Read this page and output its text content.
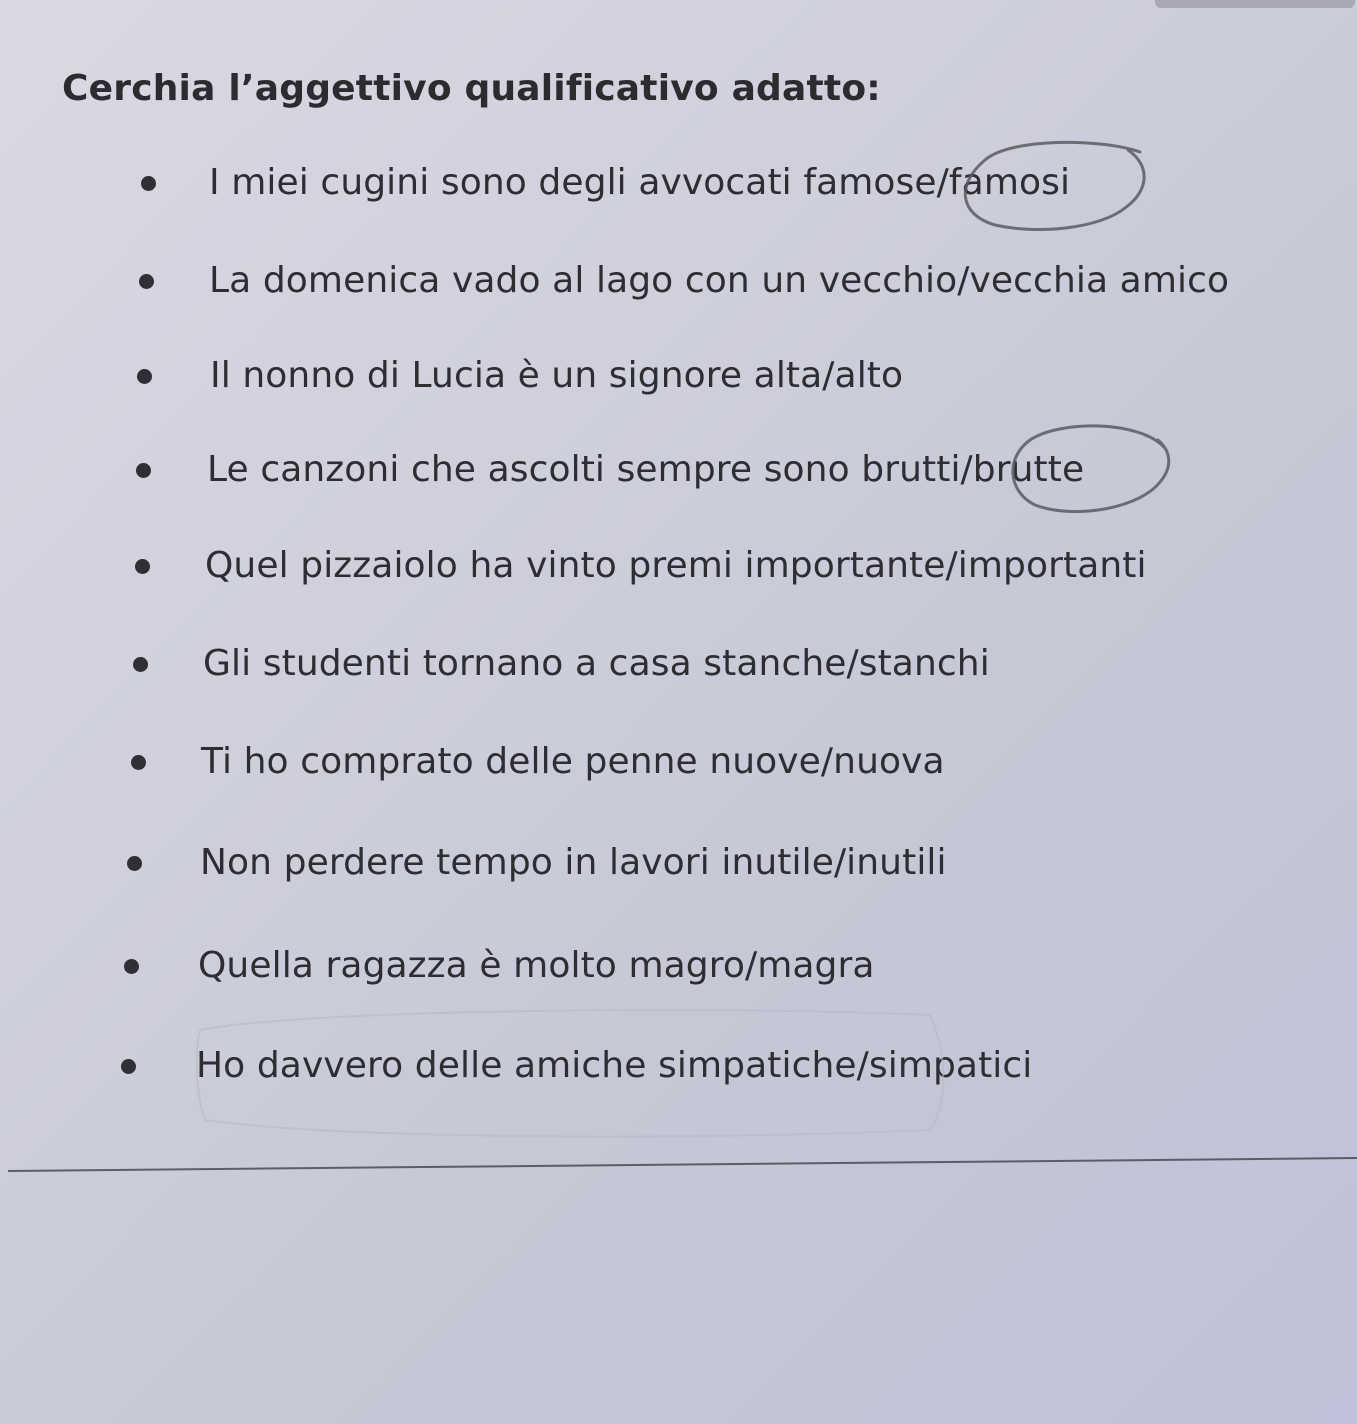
Cerchia l’aggettivo qualificativo adatto:
I miei cugini sono degli avvocati famose/famosi
La domenica vado al lago con un vecchio/vecchia amico
Il nonno di Lucia è un signore alta/alto
Le canzoni che ascolti sempre sono brutti/brutte
Quel pizzaiolo ha vinto premi importante/importanti
Gli studenti tornano a casa stanche/stanchi
Ti ho comprato delle penne nuove/nuova
Non perdere tempo in lavori inutile/inutili
Quella ragazza è molto magro/magra
Ho davvero delle amiche simpatiche/simpatici
